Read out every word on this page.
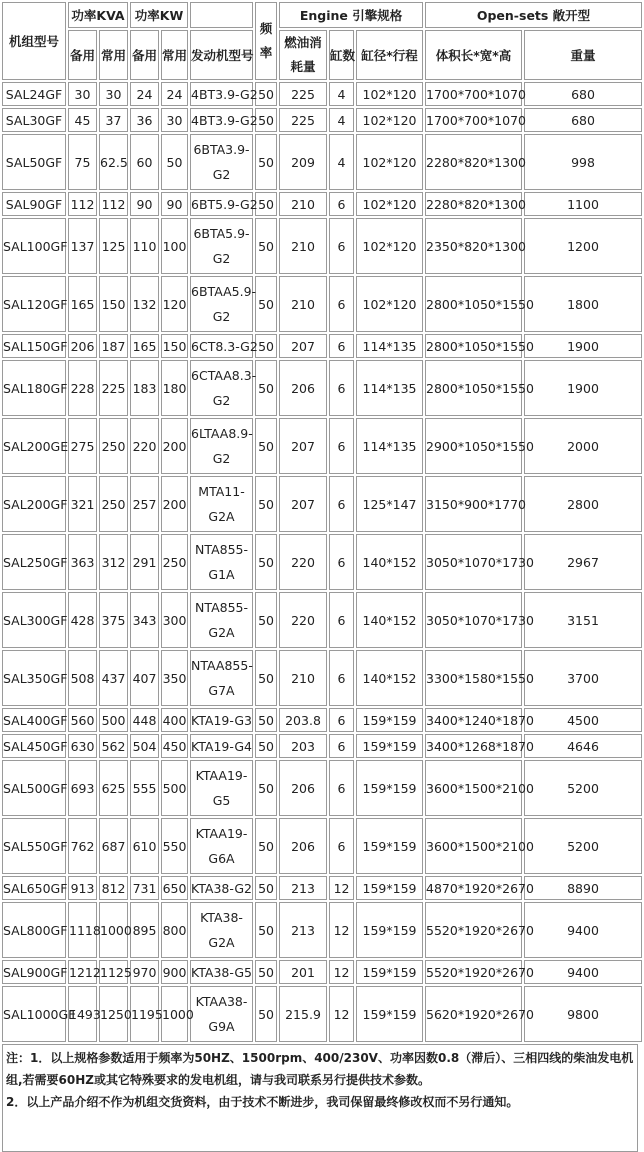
机组型号	功率KVA		功率KW			频率	Engine 引擎规格			Open-sets 敞开型	
	备用	常用	备用	常用	发动机型号		燃油消耗量	缸数	缸径*行程	体积长*宽*高	重量
SAL24GF	30	30	24	24	4BT3.9-G2	50	225	4	102*120	1700*700*1070	680
SAL30GF	45	37	36	30	4BT3.9-G2	50	225	4	102*120	1700*700*1070	680
SAL50GF	75	62.5	60	50	6BTA3.9-G2	50	209	4	102*120	2280*820*1300	998
SAL90GF	112	112	90	90	6BT5.9-G2	50	210	6	102*120	2280*820*1300	1100
SAL100GF	137	125	110	100	6BTA5.9-G2	50	210	6	102*120	2350*820*1300	1200
SAL120GF	165	150	132	120	6BTAA5.9-G2	50	210	6	102*120	2800*1050*1550	1800
SAL150GF	206	187	165	150	6CT8.3-G2	50	207	6	114*135	2800*1050*1550	1900
SAL180GF	228	225	183	180	6CTAA8.3-G2	50	206	6	114*135	2800*1050*1550	1900
SAL200GE	275	250	220	200	6LTAA8.9-G2	50	207	6	114*135	2900*1050*1550	2000
SAL200GF	321	250	257	200	MTA11-G2A	50	207	6	125*147	3150*900*1770	2800
SAL250GF	363	312	291	250	NTA855-G1A	50	220	6	140*152	3050*1070*1730	2967
SAL300GF	428	375	343	300	NTA855-G2A	50	220	6	140*152	3050*1070*1730	3151
SAL350GF	508	437	407	350	NTAA855-G7A	50	210	6	140*152	3300*1580*1550	3700
SAL400GF	560	500	448	400	KTA19-G3	50	203.8	6	159*159	3400*1240*1870	4500
SAL450GF	630	562	504	450	KTA19-G4	50	203	6	159*159	3400*1268*1870	4646
SAL500GF	693	625	555	500	KTAA19-G5	50	206	6	159*159	3600*1500*2100	5200
SAL550GF	762	687	610	550	KTAA19-G6A	50	206	6	159*159	3600*1500*2100	5200
SAL650GF	913	812	731	650	KTA38-G2	50	213	12	159*159	4870*1920*2670	8890
SAL800GF	1118	1000	895	800	KTA38-G2A	50	213	12	159*159	5520*1920*2670	9400
SAL900GF	1212	1125	970	900	KTA38-G5	50	201	12	159*159	5520*1920*2670	9400
SAL1000GE	1493	1250	1195	1000	KTAA38-G9A	50	215.9	12	159*159	5620*1920*2670	9800

注：1．以上规格参数适用于频率为50HZ、1500rpm、400/230V、功率因数0.8（滞后）、三相四线的柴油发电机组,若需要60HZ或其它特殊要求的发电机组，请与我司联系另行提供技术参数。

2．以上产品介绍不作为机组交货资料，由于技术不断进步，我司保留最终修改权而不另行通知。
